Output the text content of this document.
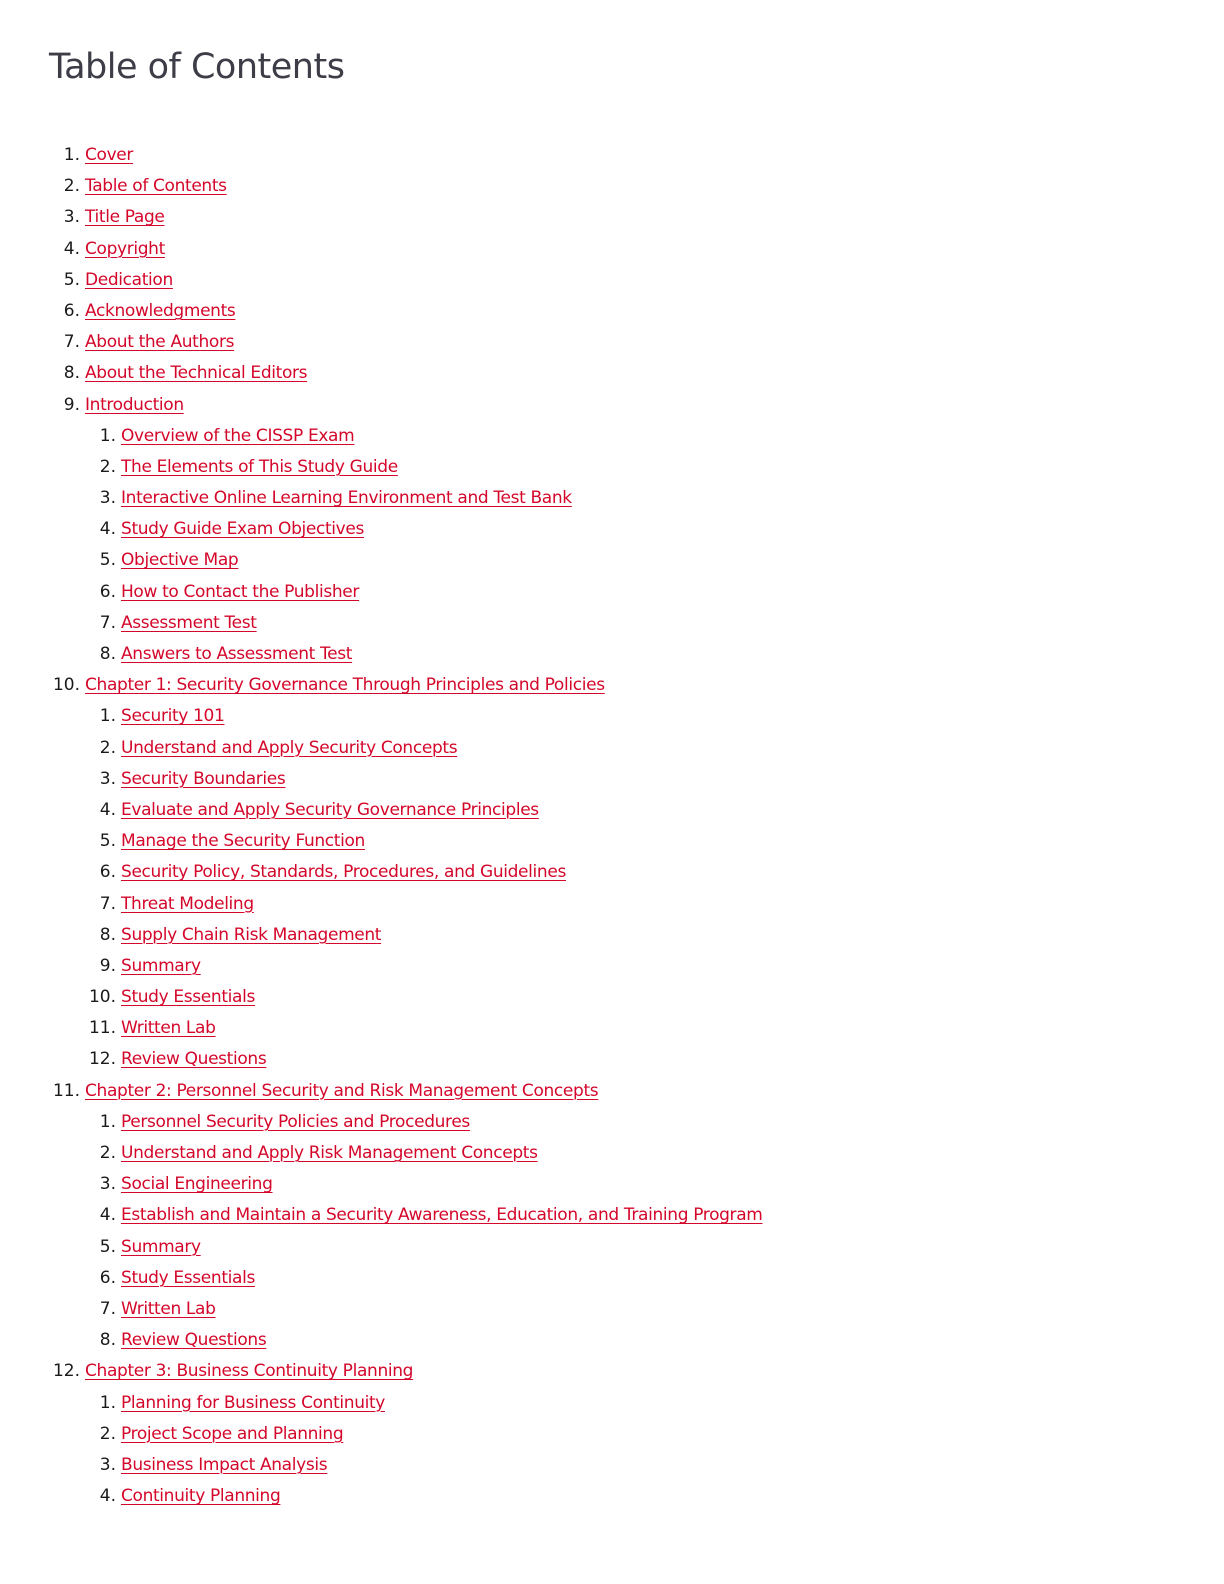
Table of Contents
1. Cover
2. Table of Contents
3. Title Page
4. Copyright
5. Dedication
6. Acknowledgments
7. About the Authors
8. About the Technical Editors
9. Introduction
1. Overview of the CISSP Exam
2. The Elements of This Study Guide
3. Interactive Online Learning Environment and Test Bank
4. Study Guide Exam Objectives
5. Objective Map
6. How to Contact the Publisher
7. Assessment Test
8. Answers to Assessment Test
10. Chapter 1: Security Governance Through Principles and Policies
1. Security 101
2. Understand and Apply Security Concepts
3. Security Boundaries
4. Evaluate and Apply Security Governance Principles
5. Manage the Security Function
6. Security Policy, Standards, Procedures, and Guidelines
7. Threat Modeling
8. Supply Chain Risk Management
9. Summary
10. Study Essentials
11. Written Lab
12. Review Questions
11. Chapter 2: Personnel Security and Risk Management Concepts
1. Personnel Security Policies and Procedures
2. Understand and Apply Risk Management Concepts
3. Social Engineering
4. Establish and Maintain a Security Awareness, Education, and Training Program
5. Summary
6. Study Essentials
7. Written Lab
8. Review Questions
12. Chapter 3: Business Continuity Planning
1. Planning for Business Continuity
2. Project Scope and Planning
3. Business Impact Analysis
4. Continuity Planning
